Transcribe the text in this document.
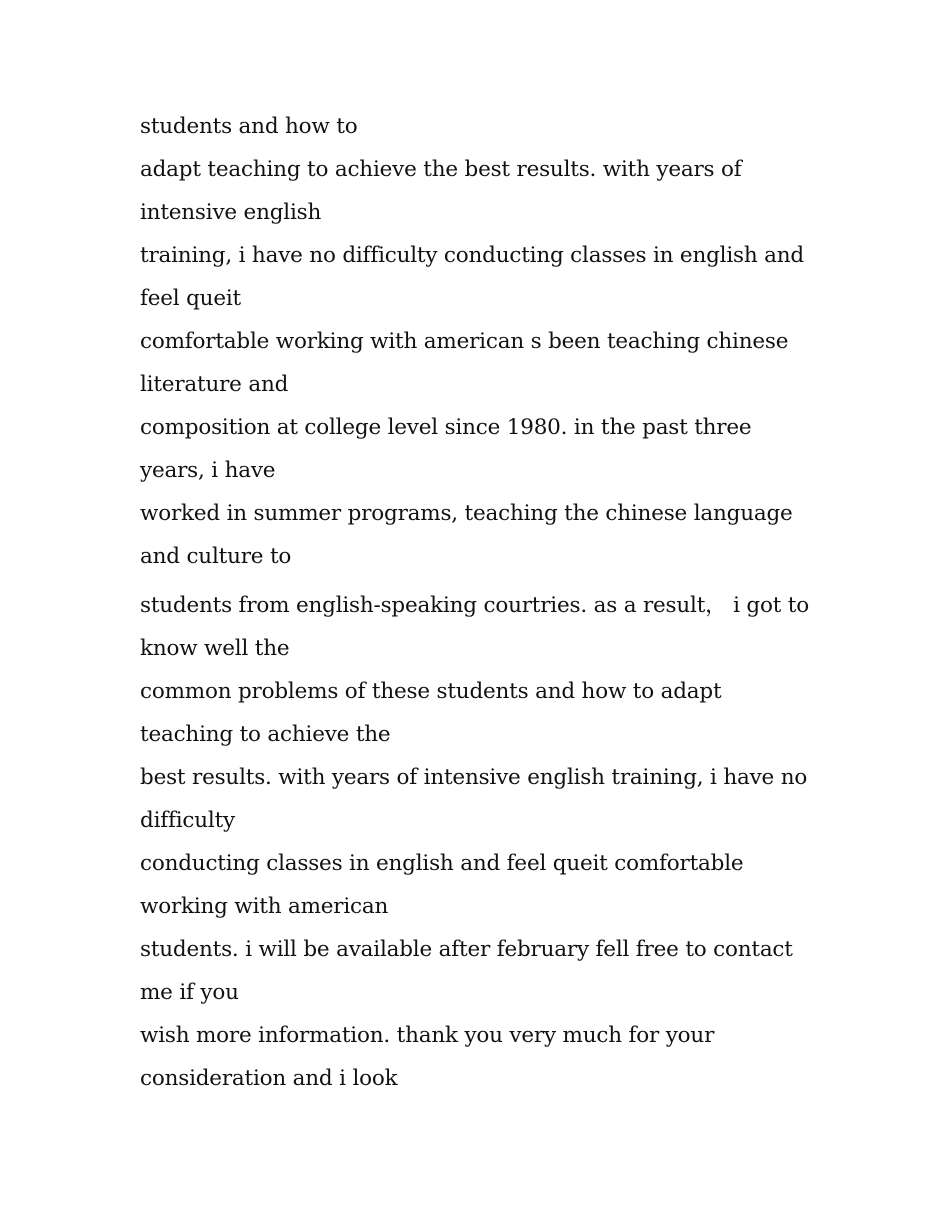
students and how to

adapt teaching to achieve the best results. with years of intensive english

training, i have no difficulty conducting classes in english and feel queit

comfortable working with american s been teaching chinese literature and

composition at college level since 1980. in the past three years, i have

worked in summer programs, teaching the chinese language and culture to

students from english-speaking courtries. as a result， i got to know well the

common problems of these students and how to adapt teaching to achieve the

best results. with years of intensive english training, i have no difficulty

conducting classes in english and feel queit comfortable working with american

students. i will be available after february fell free to contact me if you

wish more information. thank you very much for your consideration and i look
